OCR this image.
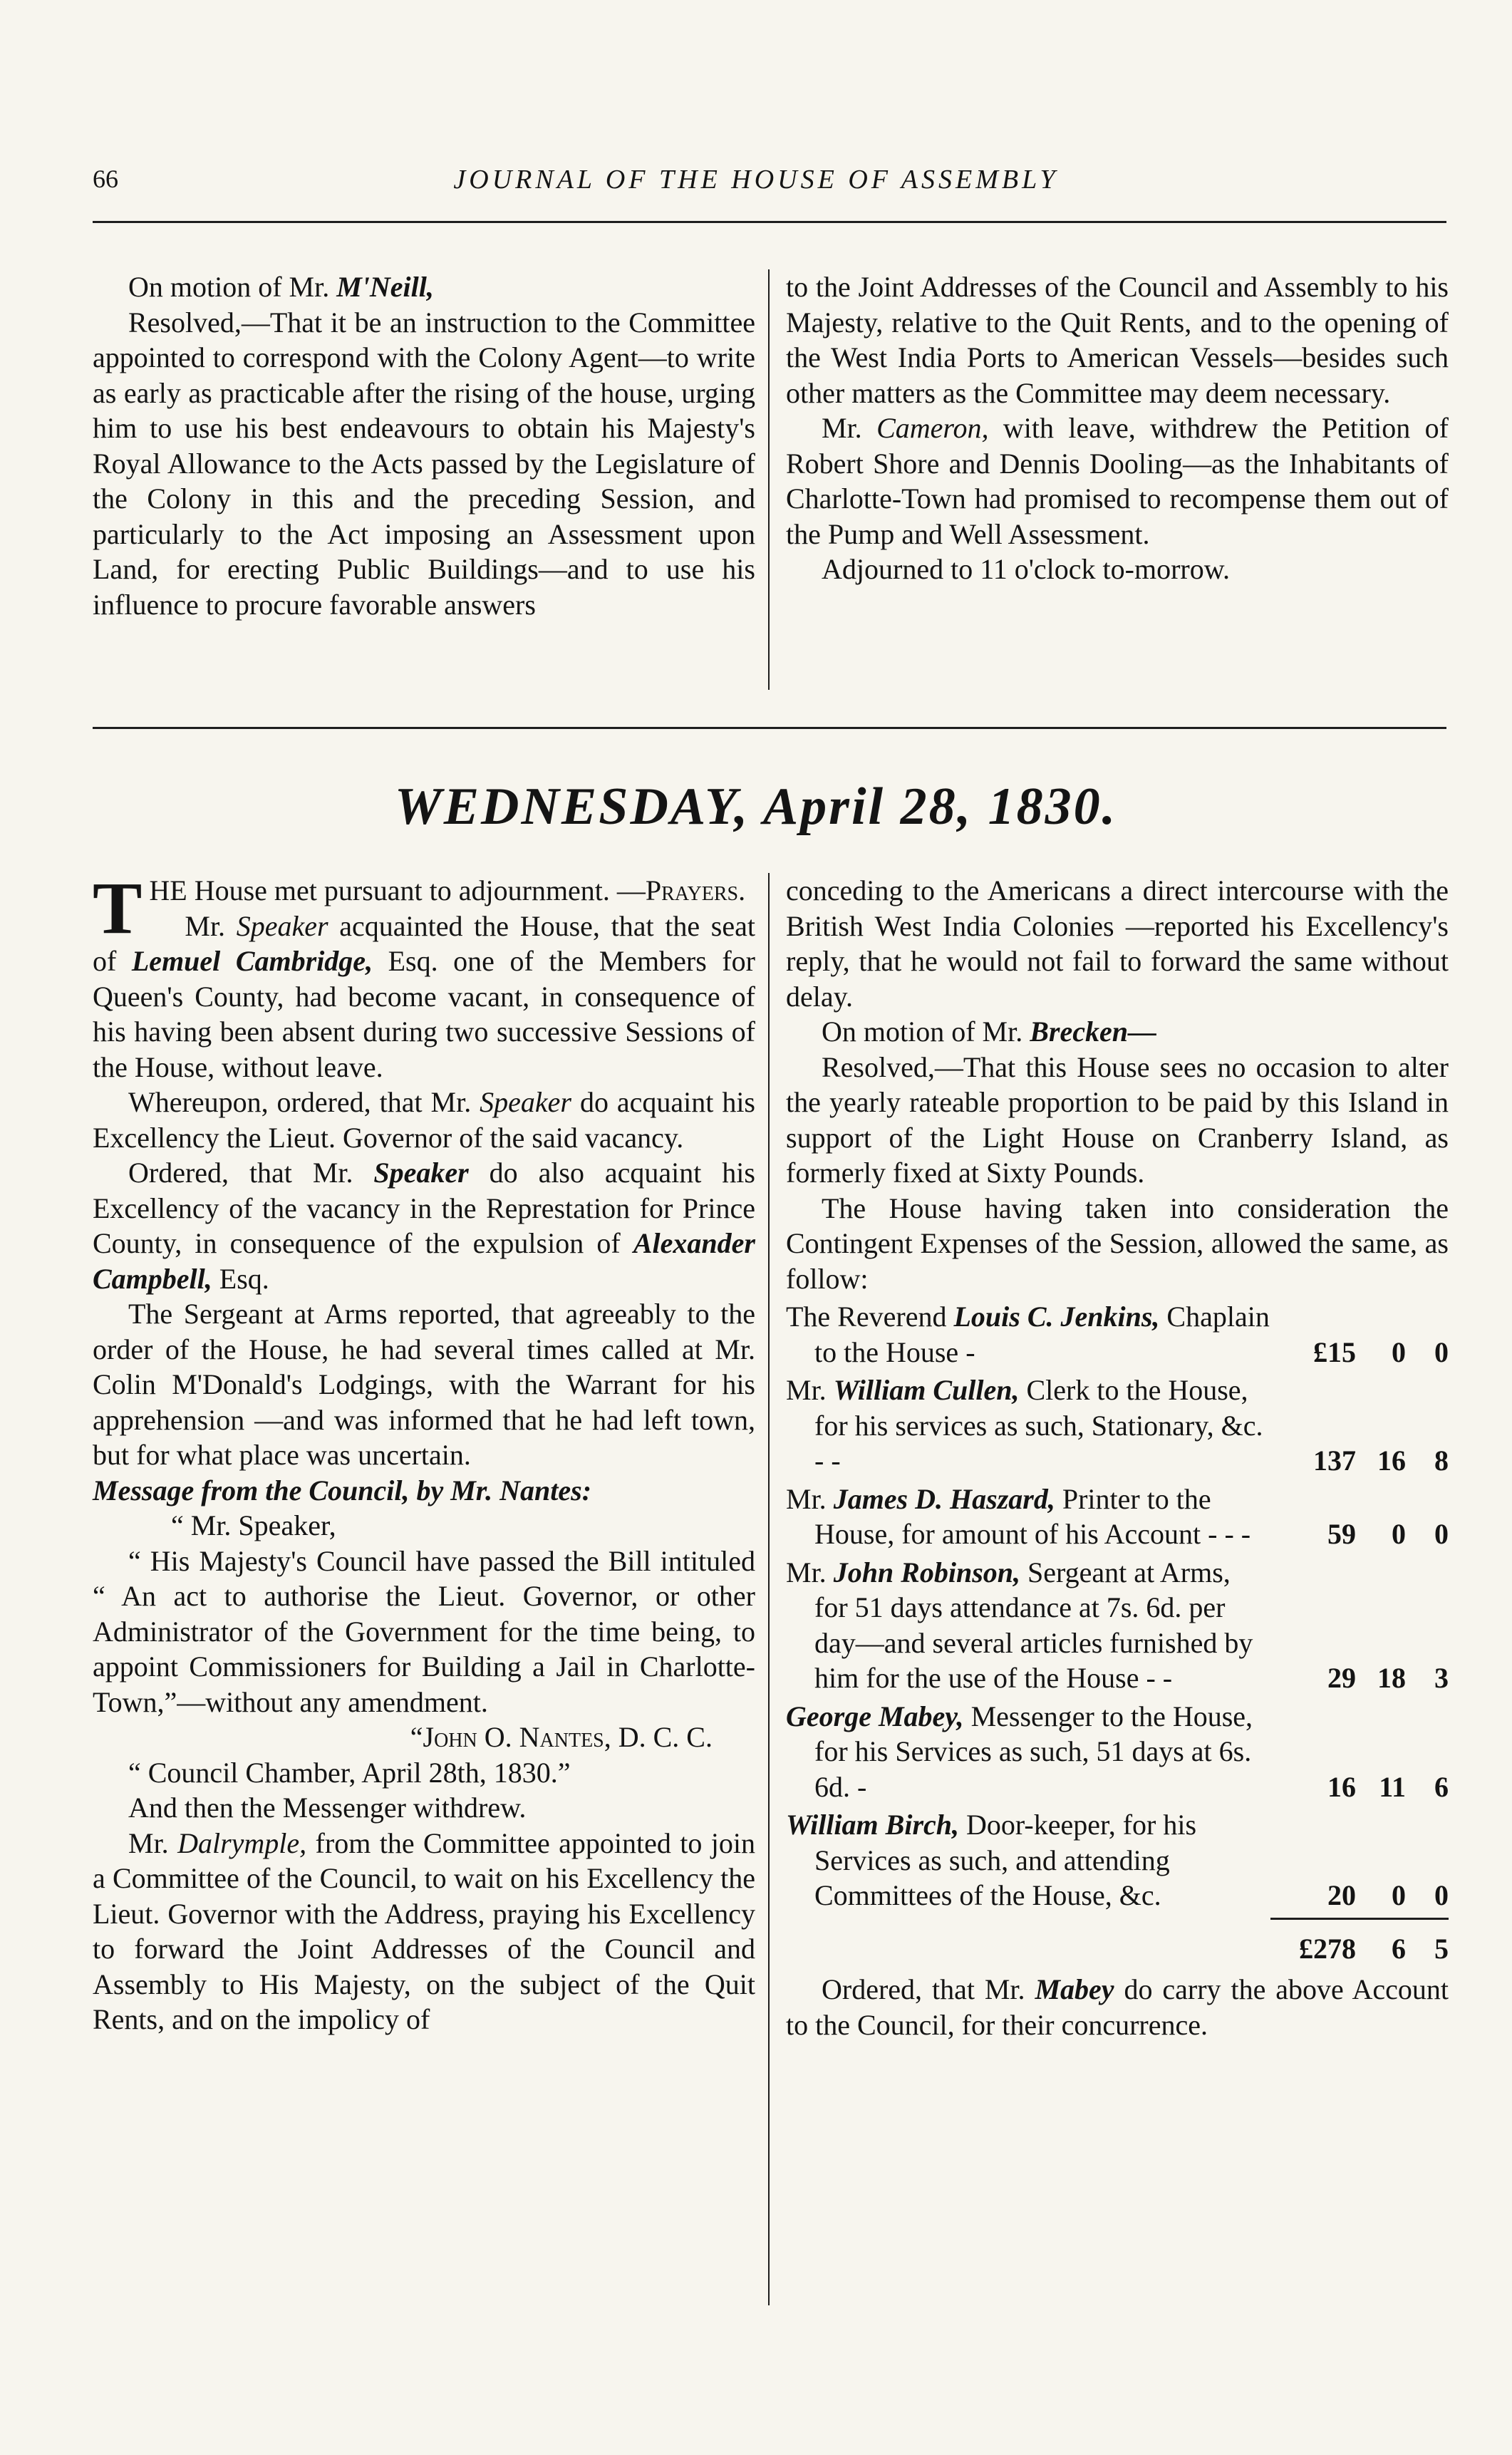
66	JOURNAL OF THE HOUSE OF ASSEMBLY

On motion of Mr. M'Neill,

Resolved,—That it be an instruction to the Committee appointed to correspond with the Colony Agent—to write as early as practicable after the rising of the house, urging him to use his best endeavours to obtain his Majesty's Royal Allowance to the Acts passed by the Legislature of the Colony in this and the preceding Session, and particularly to the Act imposing an Assessment upon Land, for erecting Public Buildings—and to use his influence to procure favorable answers

to the Joint Addresses of the Council and Assembly to his Majesty, relative to the Quit Rents, and to the opening of the West India Ports to American Vessels—besides such other matters as the Committee may deem necessary.

Mr. Cameron, with leave, withdrew the Petition of Robert Shore and Dennis Dooling—as the Inhabitants of Charlotte-Town had promised to recompense them out of the Pump and Well Assessment.

Adjourned to 11 o'clock to-morrow.

WEDNESDAY, April 28, 1830.

THE House met pursuant to adjournment. —Prayers.

Mr. Speaker acquainted the House, that the seat of Lemuel Cambridge, Esq. one of the Members for Queen's County, had become vacant, in consequence of his having been absent during two successive Sessions of the House, without leave.

Whereupon, ordered, that Mr. Speaker do acquaint his Excellency the Lieut. Governor of the said vacancy.

Ordered, that Mr. Speaker do also acquaint his Excellency of the vacancy in the Represtation for Prince County, in consequence of the expulsion of Alexander Campbell, Esq.

The Sergeant at Arms reported, that agreeably to the order of the House, he had several times called at Mr. Colin M'Donald's Lodgings, with the Warrant for his apprehension —and was informed that he had left town, but for what place was uncertain.

Message from the Council, by Mr. Nantes:

“ Mr. Speaker,

“ His Majesty's Council have passed the Bill intituled “ An act to authorise the Lieut. Governor, or other Administrator of the Government for the time being, to appoint Commissioners for Building a Jail in Charlotte-Town,”—without any amendment.

“John O. Nantes, D. C. C.

“ Council Chamber, April 28th, 1830.”

And then the Messenger withdrew.

Mr. Dalrymple, from the Committee appointed to join a Committee of the Council, to wait on his Excellency the Lieut. Governor with the Address, praying his Excellency to forward the Joint Addresses of the Council and Assembly to His Majesty, on the subject of the Quit Rents, and on the impolicy of

conceding to the Americans a direct intercourse with the British West India Colonies —reported his Excellency's reply, that he would not fail to forward the same without delay.

On motion of Mr. Brecken—

Resolved,—That this House sees no occasion to alter the yearly rateable proportion to be paid by this Island in support of the Light House on Cranberry Island, as formerly fixed at Sixty Pounds.

The House having taken into consideration the Contingent Expenses of the Session, allowed the same, as follow:

The Reverend Louis C. Jenkins, Chaplain to the House -	£15	0	0
Mr. William Cullen, Clerk to the House, for his services as such, Stationary, &c. - -	137 16	8
Mr. James D. Haszard, Printer to the House, for amount of his Account - - -	59	0	0
Mr. John Robinson, Sergeant at Arms, for 51 days attendance at 7s. 6d. per day—and several articles furnished by him for the use of the House - -	29 18	3
George Mabey, Messenger to the House, for his Services as such, 51 days at 6s. 6d. -	16 11	6
William Birch, Door-keeper, for his Services as such, and attending Committees of the House, &c.	20	0	0
£278	6	5

Ordered, that Mr. Mabey do carry the above Account to the Council, for their concurrence.
